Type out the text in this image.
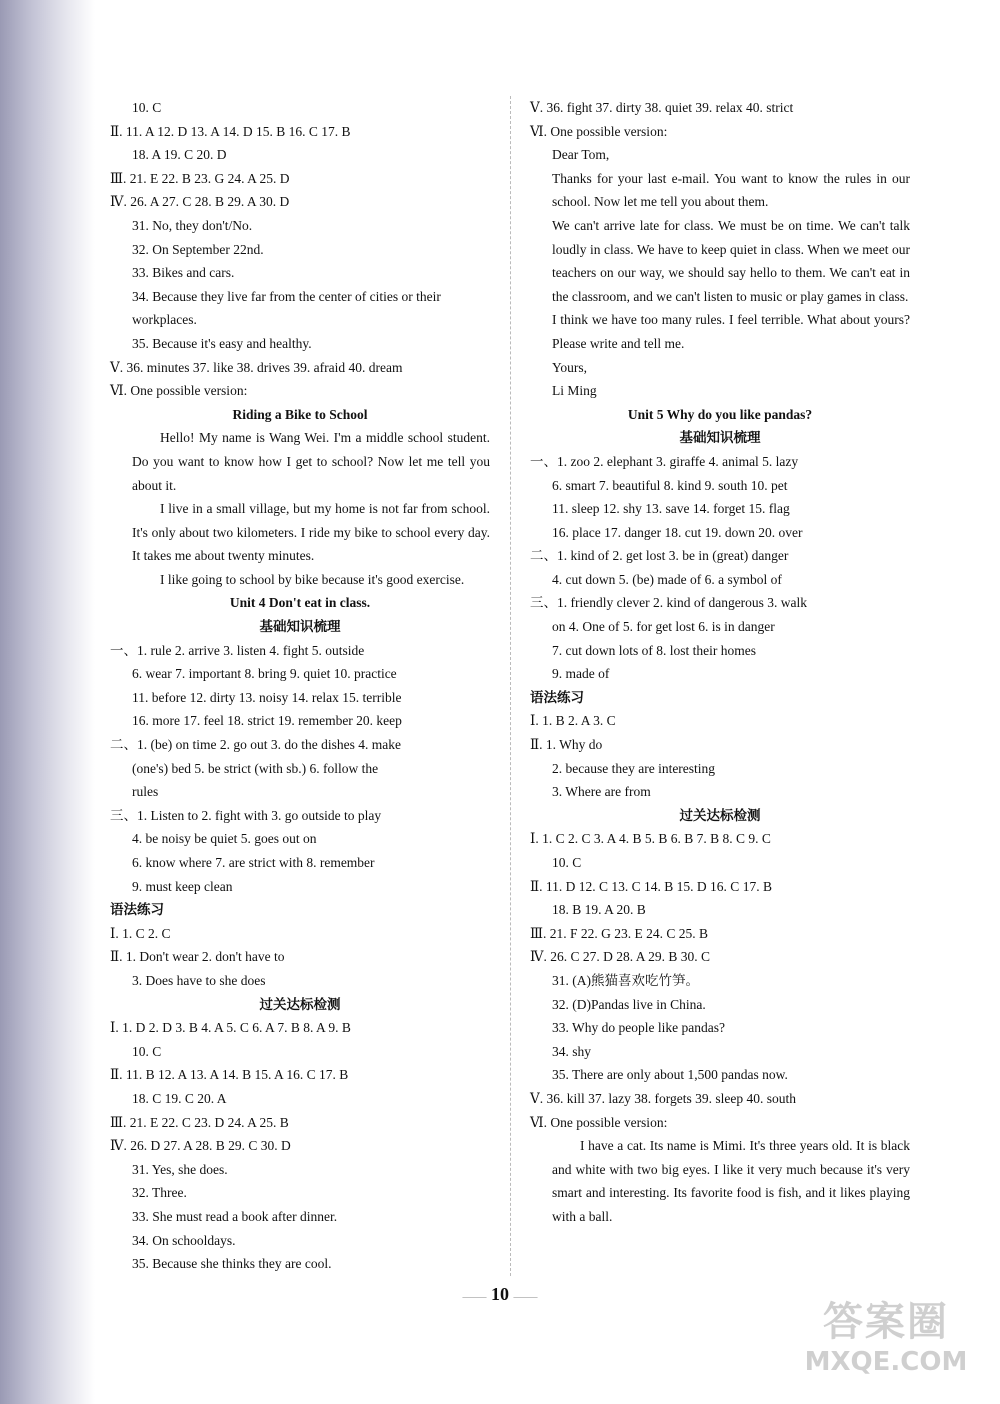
10. C
Ⅱ. 11. A 12. D 13. A 14. D 15. B 16. C 17. B
18. A 19. C 20. D
Ⅲ. 21. E 22. B 23. G 24. A 25. D
Ⅳ. 26. A 27. C 28. B 29. A 30. D
31. No, they don't/No.
32. On September 22nd.
33. Bikes and cars.
34. Because they live far from the center of cities or their
workplaces.
35. Because it's easy and healthy.
Ⅴ. 36. minutes 37. like 38. drives 39. afraid 40. dream
Ⅵ. One possible version:
Riding a Bike to School
Hello! My name is Wang Wei. I'm a middle school student. Do you want to know how I get to school? Now let me tell you about it.
I live in a small village, but my home is not far from school. It's only about two kilometers. I ride my bike to school every day. It takes me about twenty minutes.
I like going to school by bike because it's good exercise.
Unit 4 Don't eat in class.
基础知识梳理
一、1. rule 2. arrive 3. listen 4. fight 5. outside
6. wear 7. important 8. bring 9. quiet 10. practice
11. before 12. dirty 13. noisy 14. relax 15. terrible
16. more 17. feel 18. strict 19. remember 20. keep
二、1. (be) on time 2. go out 3. do the dishes 4. make
(one's) bed 5. be strict (with sb.) 6. follow the
rules
三、1. Listen to 2. fight with 3. go outside to play
4. be noisy be quiet 5. goes out on
6. know where 7. are strict with 8. remember
9. must keep clean
语法练习
Ⅰ. 1. C 2. C
Ⅱ. 1. Don't wear 2. don't have to
3. Does have to she does
过关达标检测
Ⅰ. 1. D 2. D 3. B 4. A 5. C 6. A 7. B 8. A 9. B
10. C
Ⅱ. 11. B 12. A 13. A 14. B 15. A 16. C 17. B
18. C 19. C 20. A
Ⅲ. 21. E 22. C 23. D 24. A 25. B
Ⅳ. 26. D 27. A 28. B 29. C 30. D
31. Yes, she does.
32. Three.
33. She must read a book after dinner.
34. On schooldays.
35. Because she thinks they are cool.
Ⅴ. 36. fight 37. dirty 38. quiet 39. relax 40. strict
Ⅵ. One possible version:
Dear Tom,
Thanks for your last e-mail. You want to know the rules in our school. Now let me tell you about them.
We can't arrive late for class. We must be on time. We can't talk loudly in class. We have to keep quiet in class. When we meet our teachers on our way, we should say hello to them. We can't eat in the classroom, and we can't listen to music or play games in class.
I think we have too many rules. I feel terrible. What about yours? Please write and tell me.
Yours,
Li Ming
Unit 5 Why do you like pandas?
基础知识梳理
一、1. zoo 2. elephant 3. giraffe 4. animal 5. lazy
6. smart 7. beautiful 8. kind 9. south 10. pet
11. sleep 12. shy 13. save 14. forget 15. flag
16. place 17. danger 18. cut 19. down 20. over
二、1. kind of 2. get lost 3. be in (great) danger
4. cut down 5. (be) made of 6. a symbol of
三、1. friendly clever 2. kind of dangerous 3. walk
on 4. One of 5. for get lost 6. is in danger
7. cut down lots of 8. lost their homes
9. made of
语法练习
Ⅰ. 1. B 2. A 3. C
Ⅱ. 1. Why do
2. because they are interesting
3. Where are from
过关达标检测
Ⅰ. 1. C 2. C 3. A 4. B 5. B 6. B 7. B 8. C 9. C
10. C
Ⅱ. 11. D 12. C 13. C 14. B 15. D 16. C 17. B
18. B 19. A 20. B
Ⅲ. 21. F 22. G 23. E 24. C 25. B
Ⅳ. 26. C 27. D 28. A 29. B 30. C
31. (A)熊猫喜欢吃竹笋。
32. (D)Pandas live in China.
33. Why do people like pandas?
34. shy
35. There are only about 1,500 pandas now.
Ⅴ. 36. kill 37. lazy 38. forgets 39. sleep 40. south
Ⅵ. One possible version:
I have a cat. Its name is Mimi. It's three years old. It is black and white with two big eyes. I like it very much because it's very smart and interesting. Its favorite food is fish, and it likes playing with a ball.
—— 10 ——
答案圈
MXQE.COM
